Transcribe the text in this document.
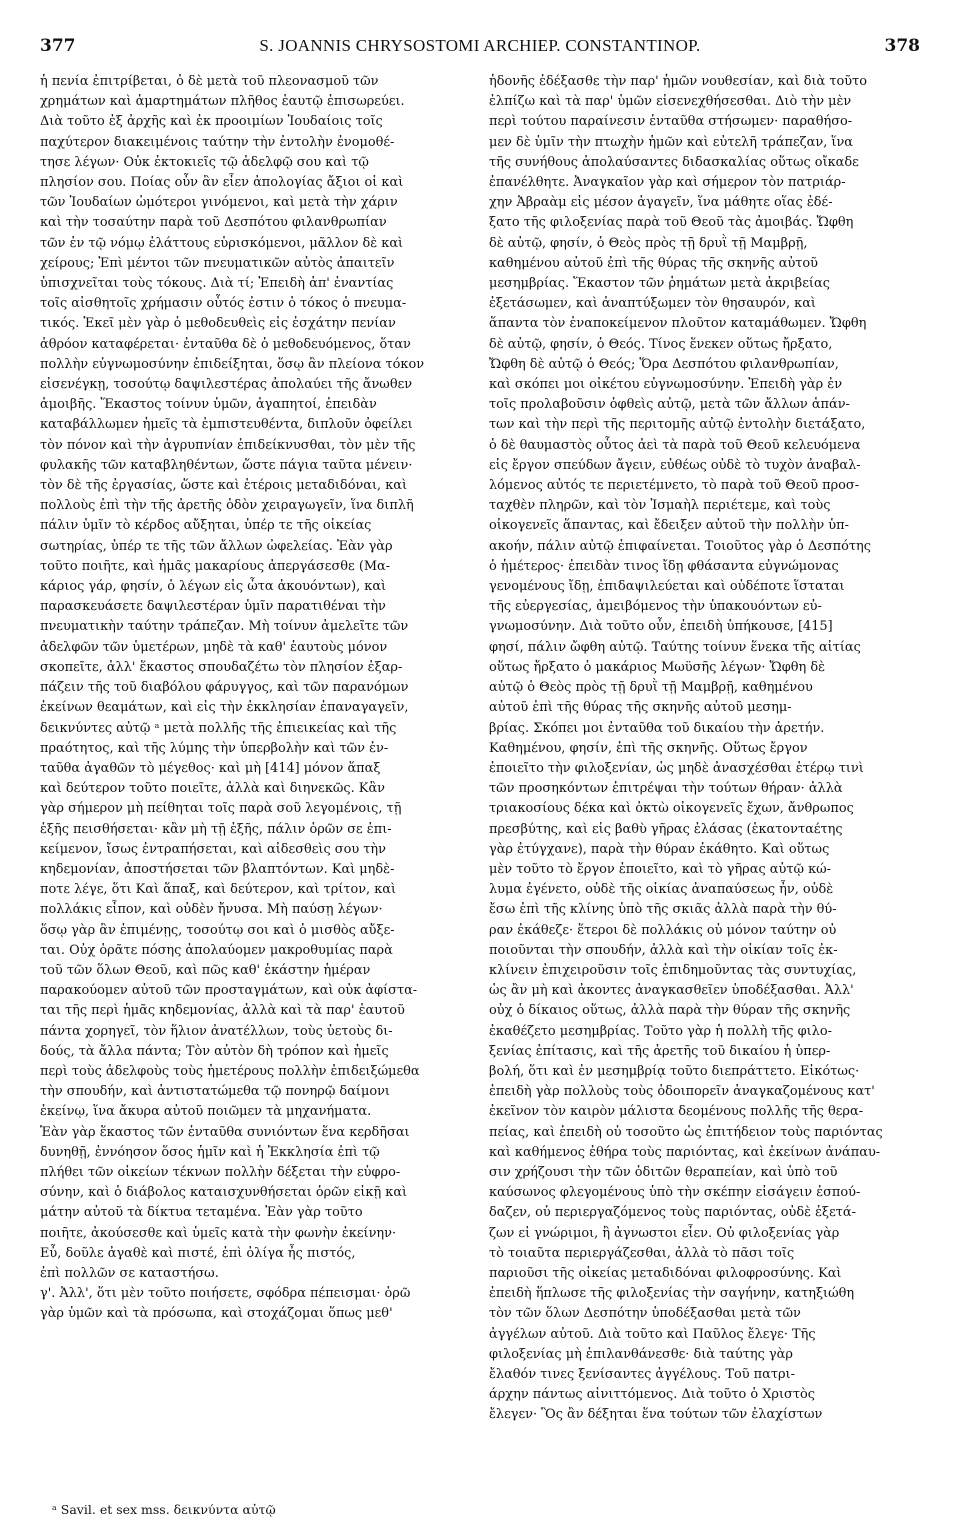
377	S. JOANNIS CHRYSOSTOMI ARCHIEP. CONSTANTINOP.	378
ἡ πενία ἐπιτρίβεται, ὁ δὲ μετὰ τοῦ πλεονασμοῦ τῶν
χρημάτων καὶ ἁμαρτημάτων πλῆθος ἑαυτῷ ἐπισωρεύει.
Διὰ τοῦτο ἐξ ἀρχῆς καὶ ἐκ προοιμίων Ἰουδαίοις τοῖς
παχύτερον διακειμένοις ταύτην τὴν ἐντολὴν ἐνομοθέ-
τησε λέγων· Οὐκ ἐκτοκιεῖς τῷ ἀδελφῷ σου καὶ τῷ
πλησίον σου. Ποίας οὖν ἂν εἶεν ἀπολογίας ἄξιοι οἱ καὶ
τῶν Ἰουδαίων ὠμότεροι γινόμενοι, καὶ μετὰ τὴν χάριν
καὶ τὴν τοσαύτην παρὰ τοῦ Δεσπότου φιλανθρωπίαν
τῶν ἐν τῷ νόμῳ ἐλάττους εὑρισκόμενοι, μᾶλλον δὲ καὶ
χείρους; Ἐπὶ μέντοι τῶν πνευματικῶν αὐτὸς ἀπαιτεῖν
ὑπισχνεῖται τοὺς τόκους. Διὰ τί; Ἐπειδὴ ἀπ' ἐναντίας
τοῖς αἰσθητοῖς χρήμασιν οὗτός ἐστιν ὁ τόκος ὁ πνευμα-
τικός. Ἐκεῖ μὲν γὰρ ὁ μεθοδευθεὶς εἰς ἐσχάτην πενίαν
ἀθρόον καταφέρεται· ἐνταῦθα δὲ ὁ μεθοδευόμενος, ὅταν
πολλὴν εὐγνωμοσύνην ἐπιδείξηται, ὅσῳ ἂν πλείονα τόκον
εἰσενέγκῃ, τοσούτῳ δαψιλεστέρας ἀπολαύει τῆς ἄνωθεν
ἀμοιβῆς. Ἕκαστος τοίνυν ὑμῶν, ἀγαπητοί, ἐπειδὰν
καταβάλλωμεν ἡμεῖς τὰ ἐμπιστευθέντα, διπλοῦν ὀφείλει
τὸν πόνον καὶ τὴν ἀγρυπνίαν ἐπιδείκνυσθαι, τὸν μὲν τῆς
φυλακῆς τῶν καταβληθέντων, ὥστε πάγια ταῦτα μένειν·
τὸν δὲ τῆς ἐργασίας, ὥστε καὶ ἑτέροις μεταδιδόναι, καὶ
πολλοὺς ἐπὶ τὴν τῆς ἀρετῆς ὁδὸν χειραγωγεῖν, ἵνα διπλῆ
πάλιν ὑμῖν τὸ κέρδος αὔξηται, ὑπέρ τε τῆς οἰκείας
σωτηρίας, ὑπέρ τε τῆς τῶν ἄλλων ὠφελείας. Ἐὰν γὰρ
τοῦτο ποιῆτε, καὶ ἡμᾶς μακαρίους ἀπεργάσεσθε (Μα-
κάριος γάρ, φησίν, ὁ λέγων εἰς ὦτα ἀκουόντων), καὶ
παρασκευάσετε δαψιλεστέραν ὑμῖν παρατιθέναι τὴν
πνευματικὴν ταύτην τράπεζαν. Μὴ τοίνυν ἀμελεῖτε τῶν
ἀδελφῶν τῶν ὑμετέρων, μηδὲ τὰ καθ' ἑαυτοὺς μόνον
σκοπεῖτε, ἀλλ' ἕκαστος σπουδαζέτω τὸν πλησίον ἐξαρ-
πάζειν τῆς τοῦ διαβόλου φάρυγγος, καὶ τῶν παρανόμων
ἐκείνων θεαμάτων, καὶ εἰς τὴν ἐκκλησίαν ἐπαναγαγεῖν,
δεικνύντες αὐτῷ ᵃ μετὰ πολλῆς τῆς ἐπιεικείας καὶ τῆς
πραότητος, καὶ τῆς λύμης τὴν ὑπερβολὴν καὶ τῶν ἐν-
ταῦθα ἀγαθῶν τὸ μέγεθος· καὶ μὴ [414] μόνον ἅπαξ
καὶ δεύτερον τοῦτο ποιεῖτε, ἀλλὰ καὶ διηνεκῶς. Κἂν
γὰρ σήμερον μὴ πείθηται τοῖς παρὰ σοῦ λεγομένοις, τῇ
ἑξῆς πεισθήσεται· κἂν μὴ τῇ ἑξῆς, πάλιν ὁρῶν σε ἐπι-
κείμενον, ἴσως ἐντραπήσεται, καὶ αἰδεσθεὶς σου τὴν
κηδεμονίαν, ἀποστήσεται τῶν βλαπτόντων. Καὶ μηδὲ-
ποτε λέγε, ὅτι Καὶ ἅπαξ, καὶ δεύτερον, καὶ τρίτον, καὶ
πολλάκις εἶπον, καὶ οὐδὲν ἤνυσα. Μὴ παύσῃ λέγων·
ὅσῳ γὰρ ἂν ἐπιμένῃς, τοσούτῳ σοι καὶ ὁ μισθὸς αὔξε-
ται. Οὐχ ὁρᾶτε πόσης ἀπολαύομεν μακροθυμίας παρὰ
τοῦ τῶν ὅλων Θεοῦ, καὶ πῶς καθ' ἑκάστην ἡμέραν
παρακούομεν αὐτοῦ τῶν προσταγμάτων, καὶ οὐκ ἀφίστα-
ται τῆς περὶ ἡμᾶς κηδεμονίας, ἀλλὰ καὶ τὰ παρ' ἑαυτοῦ
πάντα χορηγεῖ, τὸν ἥλιον ἀνατέλλων, τοὺς ὑετοὺς δι-
δούς, τὰ ἄλλα πάντα; Τὸν αὐτὸν δὴ τρόπον καὶ ἡμεῖς
περὶ τοὺς ἀδελφοὺς τοὺς ἡμετέρους πολλὴν ἐπιδειξώμεθα
τὴν σπουδήν, καὶ ἀντιστατώμεθα τῷ πονηρῷ δαίμονι
ἐκείνῳ, ἵνα ἄκυρα αὐτοῦ ποιῶμεν τὰ μηχανήματα.
Ἐὰν γὰρ ἕκαστος τῶν ἐνταῦθα συνιόντων ἕνα κερδῆσαι
δυνηθῇ, ἐννόησον ὅσος ἡμῖν καὶ ἡ Ἐκκλησία ἐπὶ τῷ
πλήθει τῶν οἰκείων τέκνων πολλὴν δέξεται τὴν εὐφρο-
σύνην, καὶ ὁ διάβολος καταισχυνθήσεται ὁρῶν εἰκῇ καὶ
μάτην αὐτοῦ τὰ δίκτυα τεταμένα. Ἐὰν γὰρ τοῦτο
ποιῆτε, ἀκούσεσθε καὶ ὑμεῖς κατὰ τὴν φωνὴν ἐκείνην·
Εὖ, δοῦλε ἀγαθὲ καὶ πιστέ, ἐπὶ ὀλίγα ἦς πιστός,
ἐπὶ πολλῶν σε καταστήσω.
γ'. Ἀλλ', ὅτι μὲν τοῦτο ποιήσετε, σφόδρα πέπεισμαι· ὁρῶ
γὰρ ὑμῶν καὶ τὰ πρόσωπα, καὶ στοχάζομαι ὅπως μεθ'
ἡδονῆς ἐδέξασθε τὴν παρ' ἡμῶν νουθεσίαν, καὶ διὰ τοῦτο
ἐλπίζω καὶ τὰ παρ' ὑμῶν εἰσενεχθήσεσθαι. Διὸ τὴν μὲν
περὶ τούτου παραίνεσιν ἐνταῦθα στήσωμεν· παραθήσο-
μεν δὲ ὑμῖν τὴν πτωχὴν ἡμῶν καὶ εὐτελῆ τράπεζαν, ἵνα
τῆς συνήθους ἀπολαύσαντες διδασκαλίας οὕτως οἴκαδε
ἐπανέλθητε. Ἀναγκαῖον γὰρ καὶ σήμερον τὸν πατριάρ-
χην Ἀβραὰμ εἰς μέσον ἀγαγεῖν, ἵνα μάθητε οἵας ἐδέ-
ξατο τῆς φιλοξενίας παρὰ τοῦ Θεοῦ τὰς ἀμοιβάς. Ὤφθη
δὲ αὐτῷ, φησίν, ὁ Θεὸς πρὸς τῇ δρυῒ τῇ Μαμβρῇ,
καθημένου αὐτοῦ ἐπὶ τῆς θύρας τῆς σκηνῆς αὐτοῦ
μεσημβρίας. Ἕκαστον τῶν ῥημάτων μετὰ ἀκριβείας
ἐξετάσωμεν, καὶ ἀναπτύξωμεν τὸν θησαυρόν, καὶ
ἅπαντα τὸν ἐναποκείμενον πλοῦτον καταμάθωμεν. Ὤφθη
δὲ αὐτῷ, φησίν, ὁ Θεός. Τίνος ἕνεκεν οὕτως ἤρξατο,
Ὤφθη δὲ αὐτῷ ὁ Θεός; Ὅρα Δεσπότου φιλανθρωπίαν,
καὶ σκόπει μοι οἰκέτου εὐγνωμοσύνην. Ἐπειδὴ γὰρ ἐν
τοῖς προλαβοῦσιν ὀφθεὶς αὐτῷ, μετὰ τῶν ἄλλων ἁπάν-
των καὶ τὴν περὶ τῆς περιτομῆς αὐτῷ ἐντολὴν διετάξατο,
ὁ δὲ θαυμαστὸς οὗτος ἀεὶ τὰ παρὰ τοῦ Θεοῦ κελευόμενα
εἰς ἔργον σπεύδων ἄγειν, εὐθέως οὐδὲ τὸ τυχὸν ἀναβαλ-
λόμενος αὐτός τε περιετέμνετο, τὸ παρὰ τοῦ Θεοῦ προσ-
ταχθὲν πληρῶν, καὶ τὸν Ἰσμαὴλ περιέτεμε, καὶ τοὺς
οἰκογενεῖς ἅπαντας, καὶ ἔδειξεν αὐτοῦ τὴν πολλὴν ὑπ-
ακοήν, πάλιν αὐτῷ ἐπιφαίνεται. Τοιοῦτος γὰρ ὁ Δεσπότης
ὁ ἡμέτερος· ἐπειδὰν τινος ἴδῃ φθάσαντα εὐγνώμονας
γενομένους ἴδῃ, ἐπιδαψιλεύεται καὶ οὐδέποτε ἵσταται
τῆς εὐεργεσίας, ἀμειβόμενος τὴν ὑπακουόντων εὐ-
γνωμοσύνην. Διὰ τοῦτο οὖν, ἐπειδὴ ὑπήκουσε, [415]
φησί, πάλιν ὤφθη αὐτῷ. Ταύτης τοίνυν ἕνεκα τῆς αἰτίας
οὕτως ἤρξατο ὁ μακάριος Μωϋσῆς λέγων· Ὤφθη δὲ
αὐτῷ ὁ Θεὸς πρὸς τῇ δρυῒ τῇ Μαμβρῇ, καθημένου
αὐτοῦ ἐπὶ τῆς θύρας τῆς σκηνῆς αὐτοῦ μεσημ-
βρίας. Σκόπει μοι ἐνταῦθα τοῦ δικαίου τὴν ἀρετήν.
Καθημένου, φησίν, ἐπὶ τῆς σκηνῆς. Οὕτως ἔργον
ἐποιεῖτο τὴν φιλοξενίαν, ὡς μηδὲ ἀνασχέσθαι ἑτέρῳ τινὶ
τῶν προσηκόντων ἐπιτρέψαι τὴν τούτων θήραν· ἀλλὰ
τριακοσίους δέκα καὶ ὀκτὼ οἰκογενεῖς ἔχων, ἄνθρωπος
πρεσβύτης, καὶ εἰς βαθὺ γῆρας ἐλάσας (ἑκατονταέτης
γὰρ ἐτύγχανε), παρὰ τὴν θύραν ἐκάθητο. Καὶ οὕτως
μὲν τοῦτο τὸ ἔργον ἐποιεῖτο, καὶ τὸ γῆρας αὐτῷ κώ-
λυμα ἐγένετο, οὐδὲ τῆς οἰκίας ἀναπαύσεως ἦν, οὐδὲ
ἔσω ἐπὶ τῆς κλίνης ὑπὸ τῆς σκιᾶς ἀλλὰ παρὰ τὴν θύ-
ραν ἐκάθεζε· ἕτεροι δὲ πολλάκις οὐ μόνον ταύτην οὐ
ποιοῦνται τὴν σπουδήν, ἀλλὰ καὶ τὴν οἰκίαν τοῖς ἐκ-
κλίνειν ἐπιχειροῦσιν τοῖς ἐπιδημοῦντας τὰς συντυχίας,
ὡς ἂν μὴ καὶ ἀκοντες ἀναγκασθεῖεν ὑποδέξασθαι. Ἀλλ'
οὐχ ὁ δίκαιος οὕτως, ἀλλὰ παρὰ τὴν θύραν τῆς σκηνῆς
ἐκαθέζετο μεσημβρίας. Τοῦτο γὰρ ἡ πολλὴ τῆς φιλο-
ξενίας ἐπίτασις, καὶ τῆς ἀρετῆς τοῦ δικαίου ἡ ὑπερ-
βολή, ὅτι καὶ ἐν μεσημβρίᾳ τοῦτο διεπράττετο. Εἰκότως·
ἐπειδὴ γὰρ πολλοὺς τοὺς ὁδοιπορεῖν ἀναγκαζομένους κατ'
ἐκεῖνον τὸν καιρὸν μάλιστα δεομένους πολλῆς τῆς θερα-
πείας, καὶ ἐπειδὴ οὐ τοσοῦτο ὡς ἐπιτήδειον τοὺς παριόντας
καὶ καθήμενος ἐθήρα τοὺς παριόντας, καὶ ἐκείνων ἀνάπαυ-
σιν χρήζουσι τὴν τῶν ὁδιτῶν θεραπείαν, καὶ ὑπὸ τοῦ
καύσωνος φλεγομένους ὑπὸ τὴν σκέπην εἰσάγειν ἐσπού-
δαζεν, οὐ περιεργαζόμενος τοὺς παριόντας, οὐδὲ ἐξετά-
ζων εἰ γνώριμοι, ἢ ἀγνωστοι εἶεν. Οὐ φιλοξενίας γὰρ
τὸ τοιαῦτα περιεργάζεσθαι, ἀλλὰ τὸ πᾶσι τοῖς
παριοῦσι τῆς οἰκείας μεταδιδόναι φιλοφροσύνης. Καὶ
ἐπειδὴ ἥπλωσε τῆς φιλοξενίας τὴν σαγήνην, κατηξιώθη
τὸν τῶν ὅλων Δεσπότην ὑποδέξασθαι μετὰ τῶν
ἀγγέλων αὐτοῦ. Διὰ τοῦτο καὶ Παῦλος ἔλεγε· Τῆς
φιλοξενίας μὴ ἐπιλανθάνεσθε· διὰ ταύτης γὰρ
ἔλαθόν τινες ξενίσαντες ἀγγέλους. Τοῦ πατρι-
άρχην πάντως αἰνιττόμενος. Διὰ τοῦτο ὁ Χριστὸς
ἔλεγεν· Ὃς ἂν δέξηται ἕνα τούτων τῶν ἐλαχίστων
ᵃ Savil. et sex mss. δεικνύντα αὐτῷ
